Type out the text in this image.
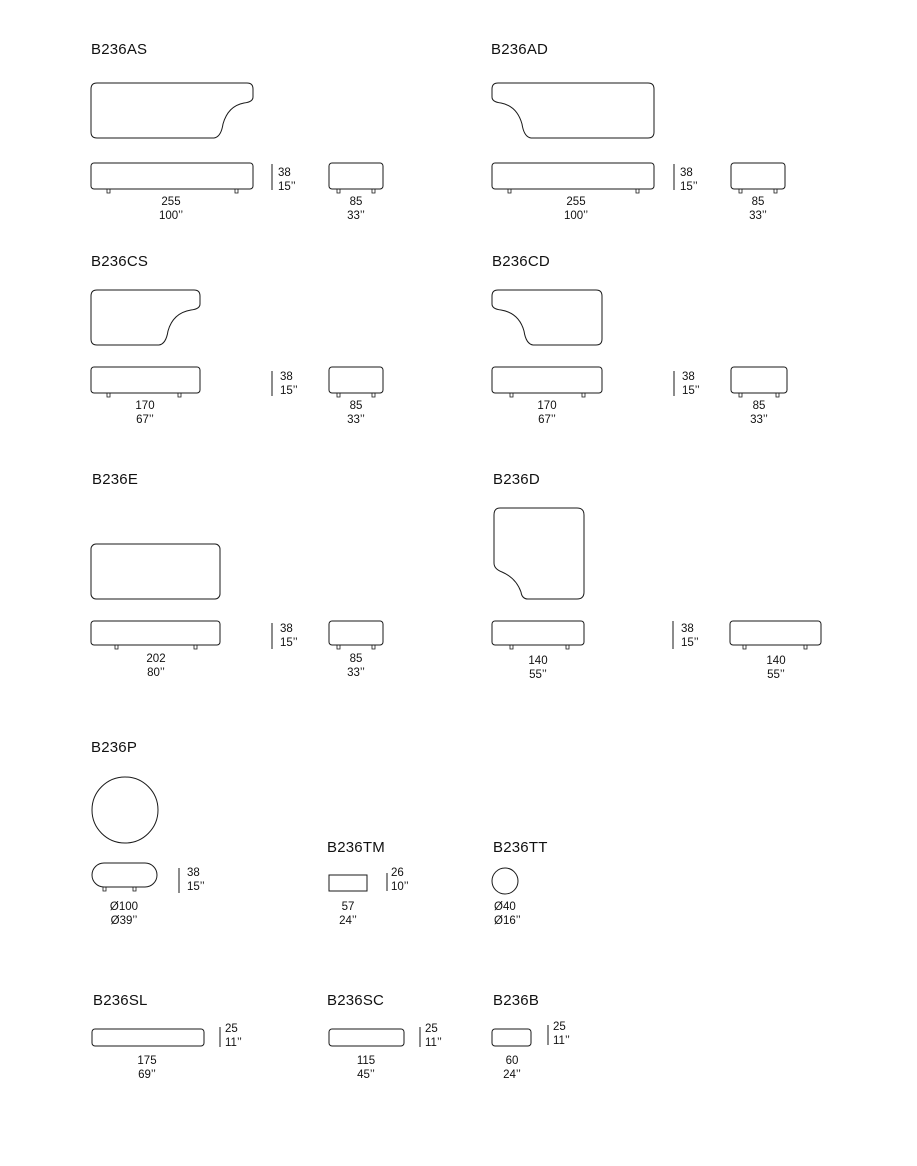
B236AS	B236AD
B236CS	B236CD
B236E	B236D
B236P
B236TM	B236TT
B236SL	B236SC	B236B
255
100’’
38
15’’
85
33’’
255
100’’
38
15’’
85
33’’
170
67’’
38
15’’
85
33’’
170
67’’
38
15’’
85
33’’
202
80’’
38
15’’
85
33’’
140
55’’
38
15’’
140
55’’
Ø100
Ø39’’
38
15’’
57
24’’
26
10’’
Ø40
Ø16’’
175
69’’
25
11’’
115
45’’
25
11’’
60
24’’
25
11’’
